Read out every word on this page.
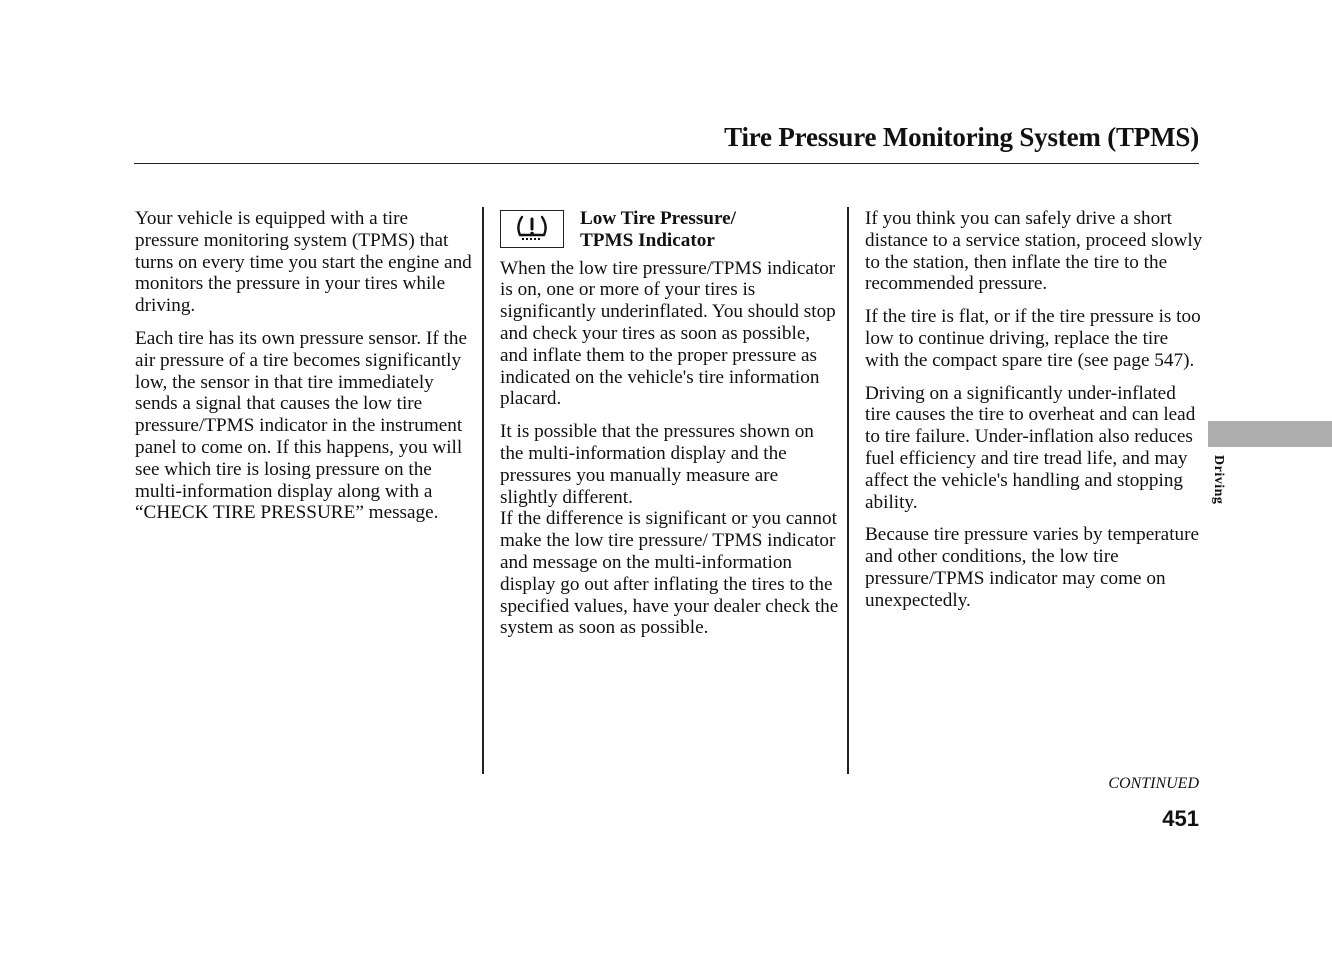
Tire Pressure Monitoring System (TPMS)

Your vehicle is equipped with a tire pressure monitoring system (TPMS) that turns on every time you start the engine and monitors the pressure in your tires while driving.

Each tire has its own pressure sensor. If the air pressure of a tire becomes significantly low, the sensor in that tire immediately sends a signal that causes the low tire pressure/TPMS indicator in the instrument panel to come on. If this happens, you will see which tire is losing pressure on the multi-information display along with a “CHECK TIRE PRESSURE” message.

Low Tire Pressure/
TPMS Indicator

When the low tire pressure/TPMS indicator is on, one or more of your tires is significantly underinflated. You should stop and check your tires as soon as possible, and inflate them to the proper pressure as indicated on the vehicle's tire information placard.

It is possible that the pressures shown on the multi-information display and the pressures you manually measure are slightly different.

If the difference is significant or you cannot make the low tire pressure/ TPMS indicator and message on the multi-information display go out after inflating the tires to the specified values, have your dealer check the system as soon as possible.

If you think you can safely drive a short distance to a service station, proceed slowly to the station, then inflate the tire to the recommended pressure.

If the tire is flat, or if the tire pressure is too low to continue driving, replace the tire with the compact spare tire (see page 547).

Driving on a significantly under-inflated tire causes the tire to overheat and can lead to tire failure. Under-inflation also reduces fuel efficiency and tire tread life, and may affect the vehicle's handling and stopping ability.

Because tire pressure varies by temperature and other conditions, the low tire pressure/TPMS indicator may come on unexpectedly.

Driving
CONTINUED
451
